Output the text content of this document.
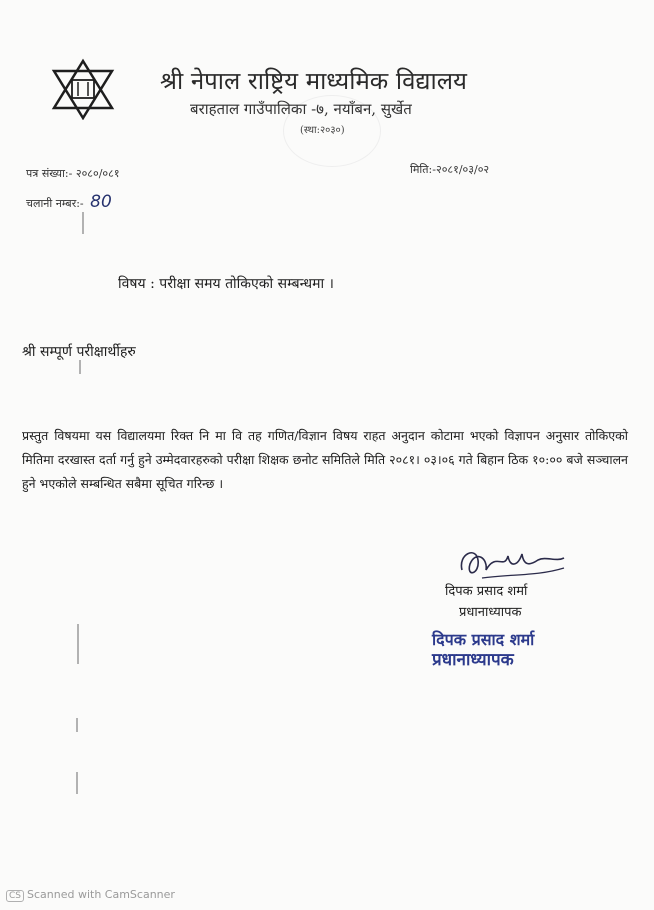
श्री नेपाल राष्ट्रिय माध्यमिक विद्यालय
बराहताल गाउँपालिका -७, नयाँबन, सुर्खेत
(स्था:२०३०)
पत्र संख्या:- २०८०/०८१	मिति:-२०८१/०३/०२
चलानी नम्बर:- 80
विषय : परीक्षा समय तोकिएको सम्बन्धमा ।
श्री सम्पूर्ण परीक्षार्थीहरु
प्रस्तुत विषयमा यस विद्यालयमा रिक्त नि मा वि तह गणित/विज्ञान विषय राहत अनुदान कोटामा भएको विज्ञापन अनुसार तोकिएको मितिमा दरखास्त दर्ता गर्नु हुने उम्मेदवारहरुको परीक्षा शिक्षक छनोट समितिले मिति २०८१। ०३।०६ गते बिहान ठिक १०:०० बजे सञ्चालन हुने भएकोले सम्बन्धित सबैमा सूचित गरिन्छ ।
दिपक प्रसाद शर्मा
प्रधानाध्यापक
दिपक प्रसाद शर्मा
प्रधानाध्यापक
CS Scanned with CamScanner
